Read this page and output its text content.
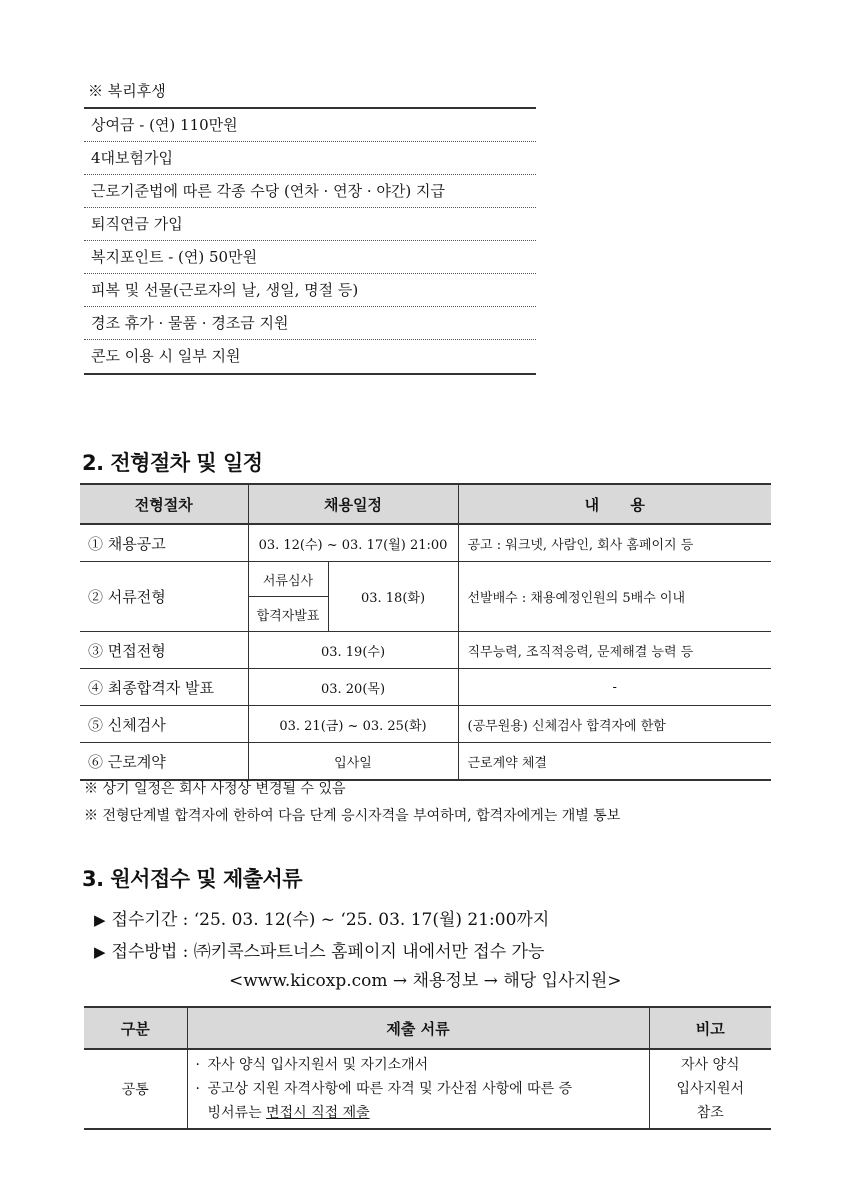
※ 복리후생
상여금 - (연) 110만원
4대보험가입
근로기준법에 따른 각종 수당 (연차 · 연장 · 야간) 지급
퇴직연금 가입
복지포인트 - (연) 50만원
피복 및 선물(근로자의 날, 생일, 명절 등)
경조 휴가 · 물품 · 경조금 지원
콘도 이용 시 일부 지원
2. 전형절차 및 일정
전형절차	채용일정		내      용
① 채용공고	03. 12(수) ~ 03. 17(월) 21:00		공고 : 워크넷, 사람인, 회사 홈페이지 등
② 서류전형	서류심사	03. 18(화)	선발배수 : 채용예정인원의 5배수 이내
	합격자발표		
③ 면접전형	03. 19(수)		직무능력, 조직적응력, 문제해결 능력 등
④ 최종합격자 발표	03. 20(목)		-
⑤ 신체검사	03. 21(금) ~ 03. 25(화)		(공무원용) 신체검사 합격자에 한함
⑥ 근로계약	입사일		근로계약 체결
※ 상기 일정은 회사 사정상 변경될 수 있음
※ 전형단계별 합격자에 한하여 다음 단계 응시자격을 부여하며, 합격자에게는 개별 통보
3. 원서접수 및 제출서류
▶ 접수기간 : ‘25. 03. 12(수) ~ ‘25. 03. 17(월) 21:00까지
▶ 접수방법 : ㈜키콕스파트너스 홈페이지 내에서만 접수 가능
<www.kicoxp.com → 채용정보 → 해당 입사지원>
구분	제출 서류	비고
공통	· 자사 양식 입사지원서 및 자기소개서
· 공고상 지원 자격사항에 따른 자격 및 가산점 사항에 따른 증
빙서류는 면접시 직접 제출	자사 양식
입사지원서
참조
